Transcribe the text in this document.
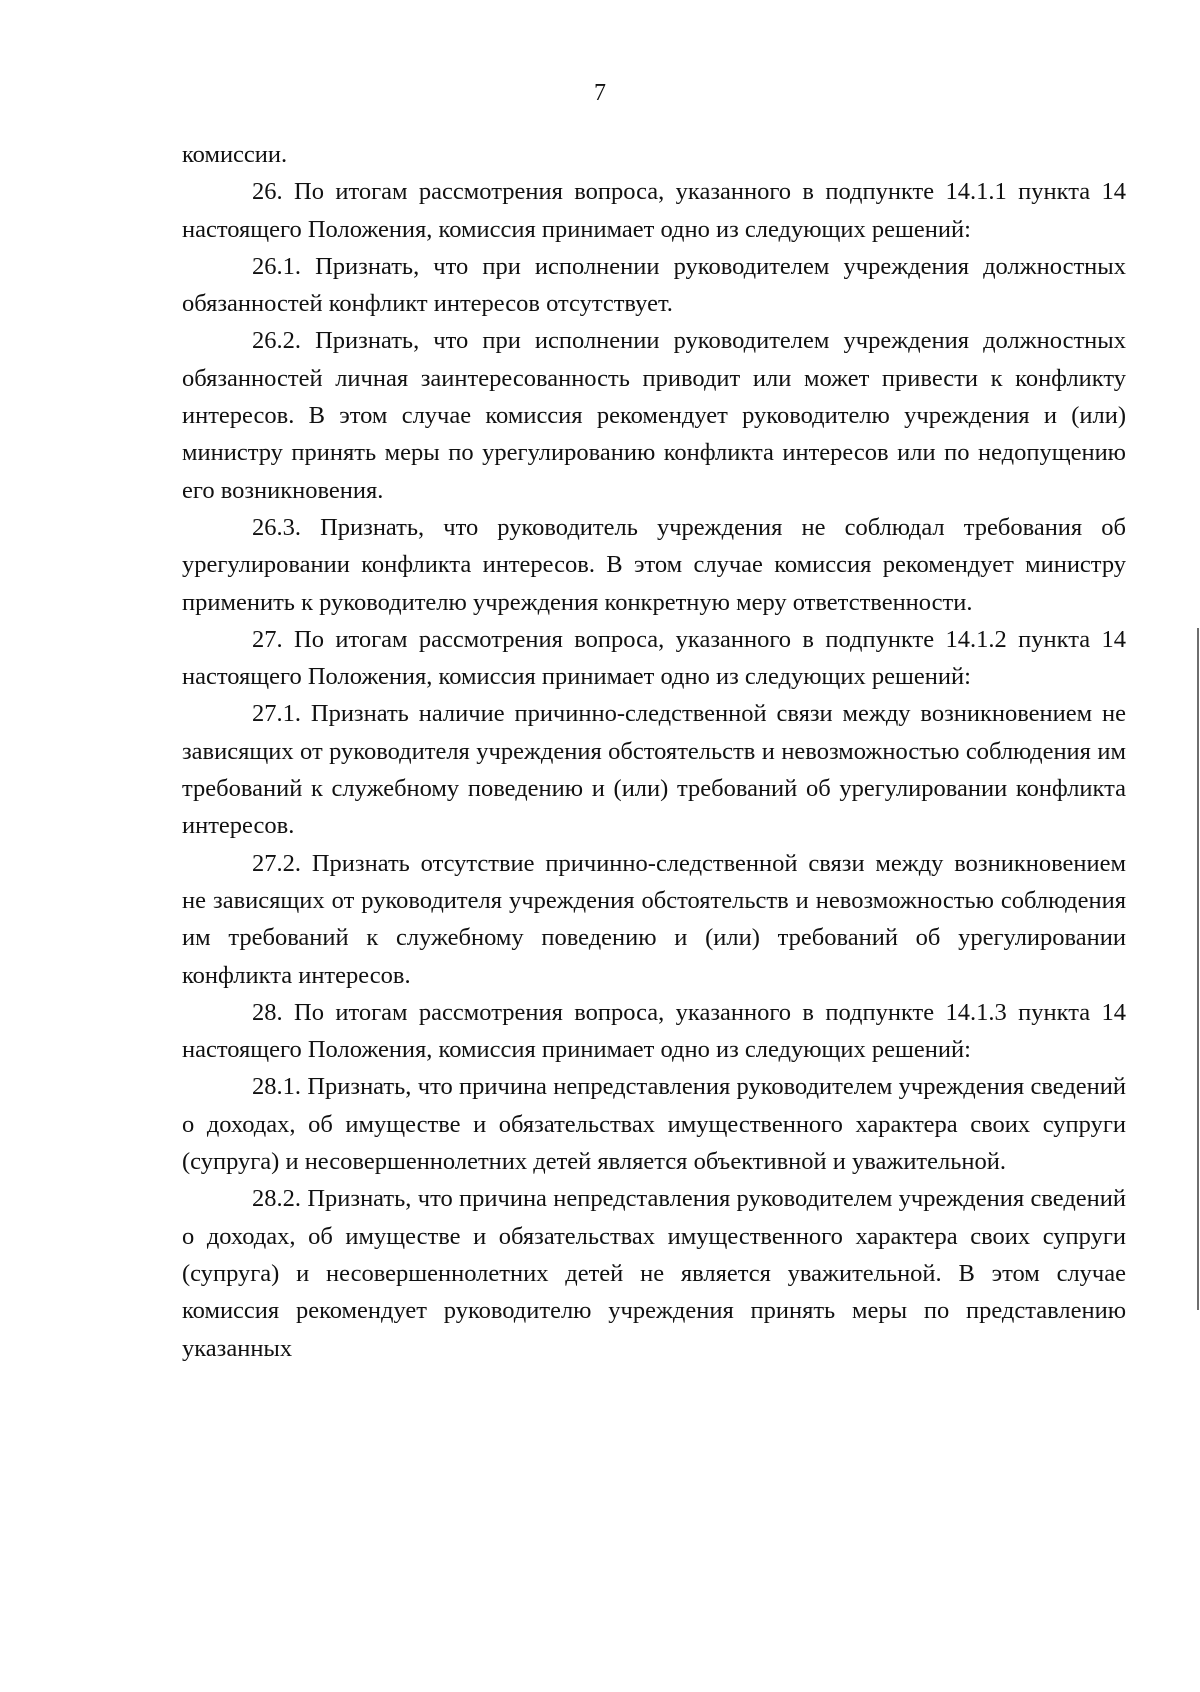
7

комиссии.

26. По итогам рассмотрения вопроса, указанного в подпункте 14.1.1 пункта 14 настоящего Положения, комиссия принимает одно из следующих решений:

26.1. Признать, что при исполнении руководителем учреждения должностных обязанностей конфликт интересов отсутствует.

26.2. Признать, что при исполнении руководителем учреждения должностных обязанностей личная заинтересованность приводит или может привести к конфликту интересов. В этом случае комиссия рекомендует руководителю учреждения и (или) министру принять меры по урегулированию конфликта интересов или по недопущению его возникновения.

26.3. Признать, что руководитель учреждения не соблюдал требования об урегулировании конфликта интересов. В этом случае комиссия рекомендует министру применить к руководителю учреждения конкретную меру ответственности.

27. По итогам рассмотрения вопроса, указанного в подпункте 14.1.2 пункта 14 настоящего Положения, комиссия принимает одно из следующих решений:

27.1. Признать наличие причинно-следственной связи между возникновением не зависящих от руководителя учреждения обстоятельств и невозможностью соблюдения им требований к служебному поведению и (или) требований об урегулировании конфликта интересов.

27.2. Признать отсутствие причинно-следственной связи между возникновением не зависящих от руководителя учреждения обстоятельств и невозможностью соблюдения им требований к служебному поведению и (или) требований об урегулировании конфликта интересов.

28. По итогам рассмотрения вопроса, указанного в подпункте 14.1.3 пункта 14 настоящего Положения, комиссия принимает одно из следующих решений:

28.1. Признать, что причина непредставления руководителем учреждения сведений о доходах, об имуществе и обязательствах имущественного характера своих супруги (супруга) и несовершеннолетних детей является объективной и уважительной.

28.2. Признать, что причина непредставления руководителем учреждения сведений о доходах, об имуществе и обязательствах имущественного характера своих супруги (супруга) и несовершеннолетних детей не является уважительной. В этом случае комиссия рекомендует руководителю учреждения принять меры по представлению указанных
